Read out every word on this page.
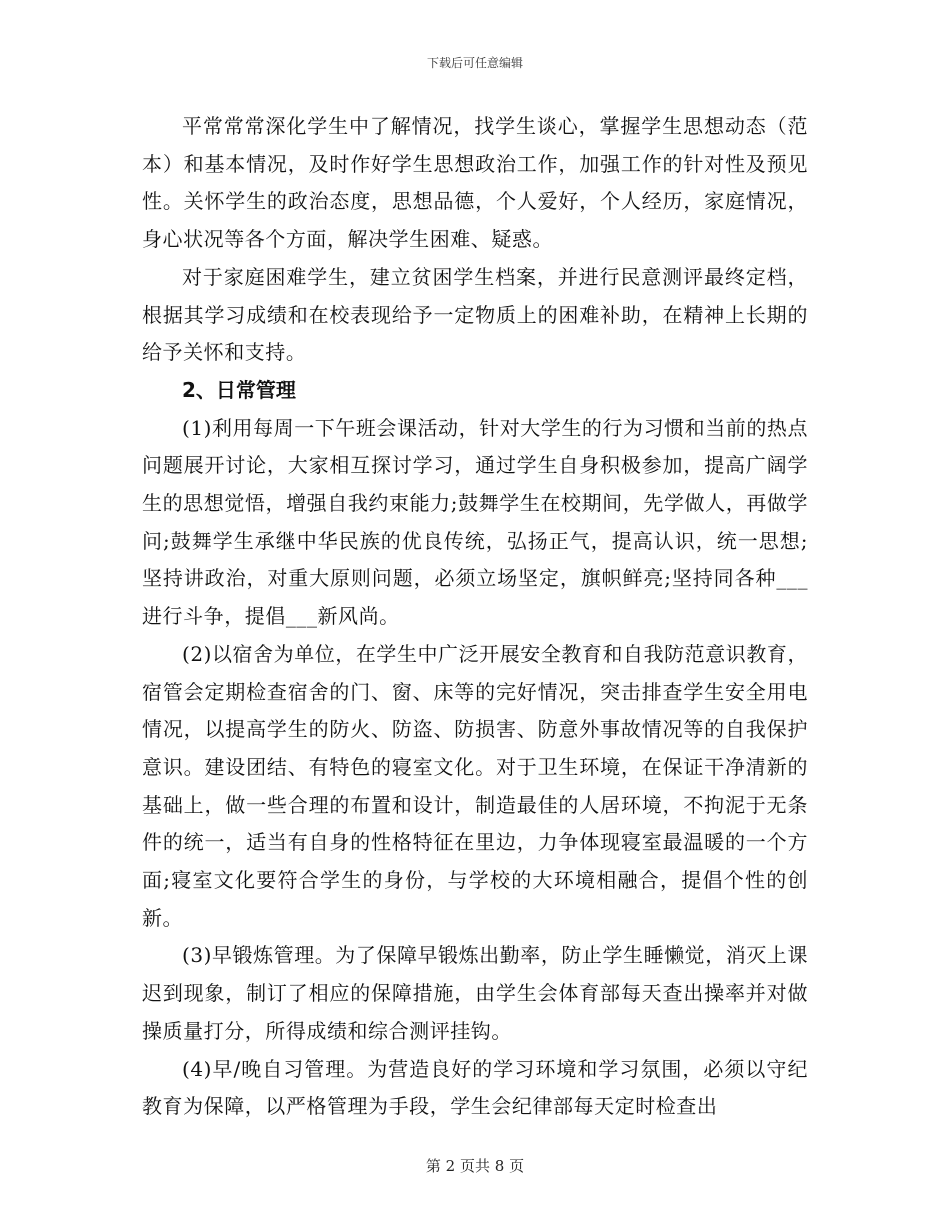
下载后可任意编辑

平常常常深化学生中了解情况，找学生谈心，掌握学生思想动态（范本）和基本情况，及时作好学生思想政治工作，加强工作的针对性及预见性。关怀学生的政治态度，思想品德，个人爱好，个人经历，家庭情况，身心状况等各个方面，解决学生困难、疑惑。

对于家庭困难学生，建立贫困学生档案，并进行民意测评最终定档，根据其学习成绩和在校表现给予一定物质上的困难补助，在精神上长期的给予关怀和支持。

2、日常管理

(1)利用每周一下午班会课活动，针对大学生的行为习惯和当前的热点问题展开讨论，大家相互探讨学习，通过学生自身积极参加，提高广阔学生的思想觉悟，增强自我约束能力;鼓舞学生在校期间，先学做人，再做学问;鼓舞学生承继中华民族的优良传统，弘扬正气，提高认识，统一思想;坚持讲政治，对重大原则问题，必须立场坚定，旗帜鲜亮;坚持同各种___进行斗争，提倡___新风尚。

(2)以宿舍为单位，在学生中广泛开展安全教育和自我防范意识教育，宿管会定期检查宿舍的门、窗、床等的完好情况，突击排查学生安全用电情况，以提高学生的防火、防盗、防损害、防意外事故情况等的自我保护意识。建设团结、有特色的寝室文化。对于卫生环境，在保证干净清新的基础上，做一些合理的布置和设计，制造最佳的人居环境，不拘泥于无条件的统一，适当有自身的性格特征在里边，力争体现寝室最温暖的一个方面;寝室文化要符合学生的身份，与学校的大环境相融合，提倡个性的创新。

(3)早锻炼管理。为了保障早锻炼出勤率，防止学生睡懒觉，消灭上课迟到现象，制订了相应的保障措施，由学生会体育部每天查出操率并对做操质量打分，所得成绩和综合测评挂钩。

(4)早/晚自习管理。为营造良好的学习环境和学习氛围，必须以守纪教育为保障，以严格管理为手段，学生会纪律部每天定时检查出

第 2 页共 8 页
